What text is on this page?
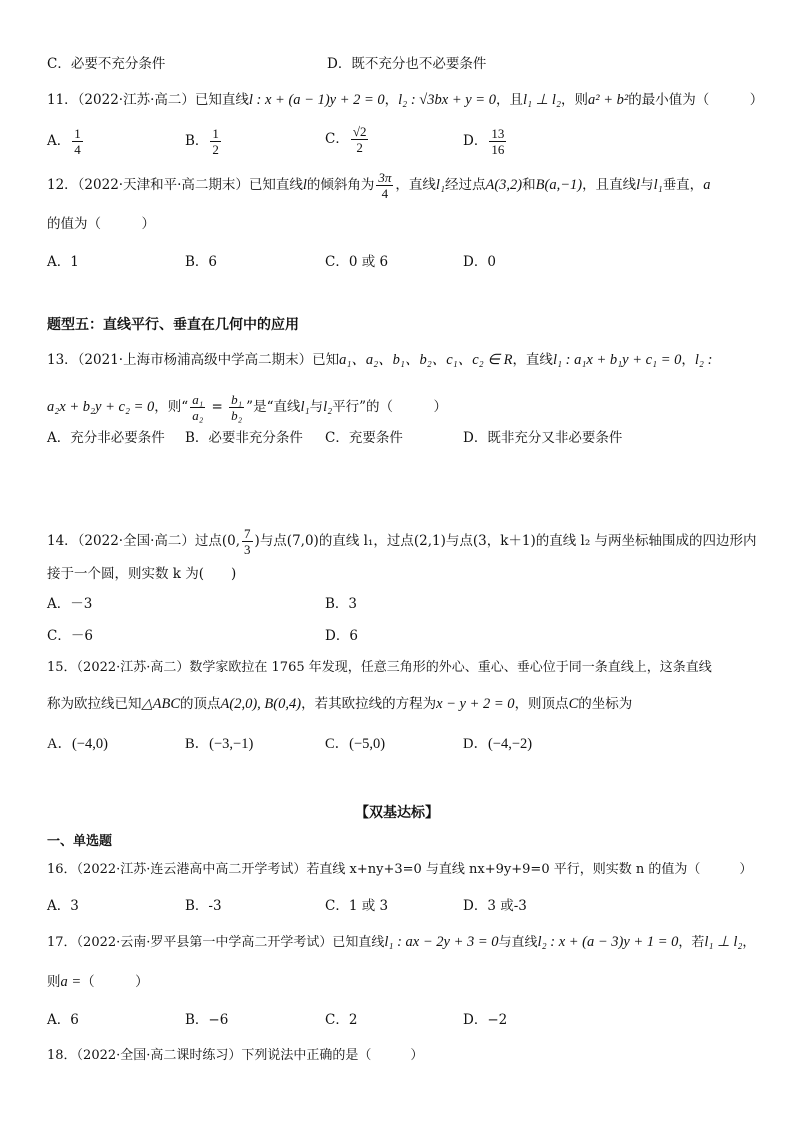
C．必要不充分条件	D．既不充分也不必要条件
11．（2022·江苏·高二）已知直线l : x + (a − 1)y + 2 = 0，l₂ : √3bx + y = 0，且l₁ ⊥ l₂，则a² + b²的最小值为（　　　）
A． $\frac{1}{4}$	B． $\frac{1}{2}$	C． $\frac{√2}{2}$	D． $\frac{13}{16}$
12．（2022·天津和平·高二期末）已知直线l的倾斜角为 $\frac{3\pi}{4}$ ，直线l₁经过点A(3,2)和B(a,−1)，且直线l与l₁垂直，a
的值为（　　　）
A．1	B．6	C．0 或 6	D．0
题型五：直线平行、垂直在几何中的应用
13．（2021·上海市杨浦高级中学高二期末）已知a₁、a₂、b₁、b₂、c₁、c₂ ∈ R，直线l₁ : a₁x + b₁y + c₁ = 0，l₂ :
a₂x + b₂y + c₂ = 0，则“ $\frac{\text{a₁}}{\text{a₂}} = \frac{\text{b₁}}{\text{b₂}}$ ”是“直线l₁与l₂平行”的（　　　）
A．充分非必要条件 B．必要非充分条件 C．充要条件	D．既非充分又非必要条件
14．（2022·全国·高二）过点(0, $\frac{7}{3}$ )与点(7,0)的直线 l₁，过点(2,1)与点(3，k＋1)的直线 l₂ 与两坐标轴围成的四边形内
接于一个圆，则实数 k 为(　　)
A．－3	B．3
C．－6	D．6
15．（2022·江苏·高二）数学家欧拉在 1765 年发现，任意三角形的外心、重心、垂心位于同一条直线上，这条直线
称为欧拉线已知△ABC的顶点A(2,0), B(0,4)，若其欧拉线的方程为x − y + 2 = 0，则顶点C的坐标为
A．(−4,0)	B．(−3,−1)	C．(−5,0)	D．(−4,−2)
【双基达标】
一、单选题
16．（2022·江苏·连云港高中高二开学考试）若直线 x+ny+3=0 与直线 nx+9y+9=0 平行，则实数 n 的值为（　　　）
A．3	B．-3	C．1 或 3	D．3 或-3
17．（2022·云南·罗平县第一中学高二开学考试）已知直线l₁ : ax − 2y + 3 = 0与直线l₂ : x + (a − 3)y + 1 = 0，若l₁ ⊥ l₂，
则a =（　　　）
A．6	B．−6	C．2	D．−2
18．（2022·全国·高二课时练习）下列说法中正确的是（　　　）
